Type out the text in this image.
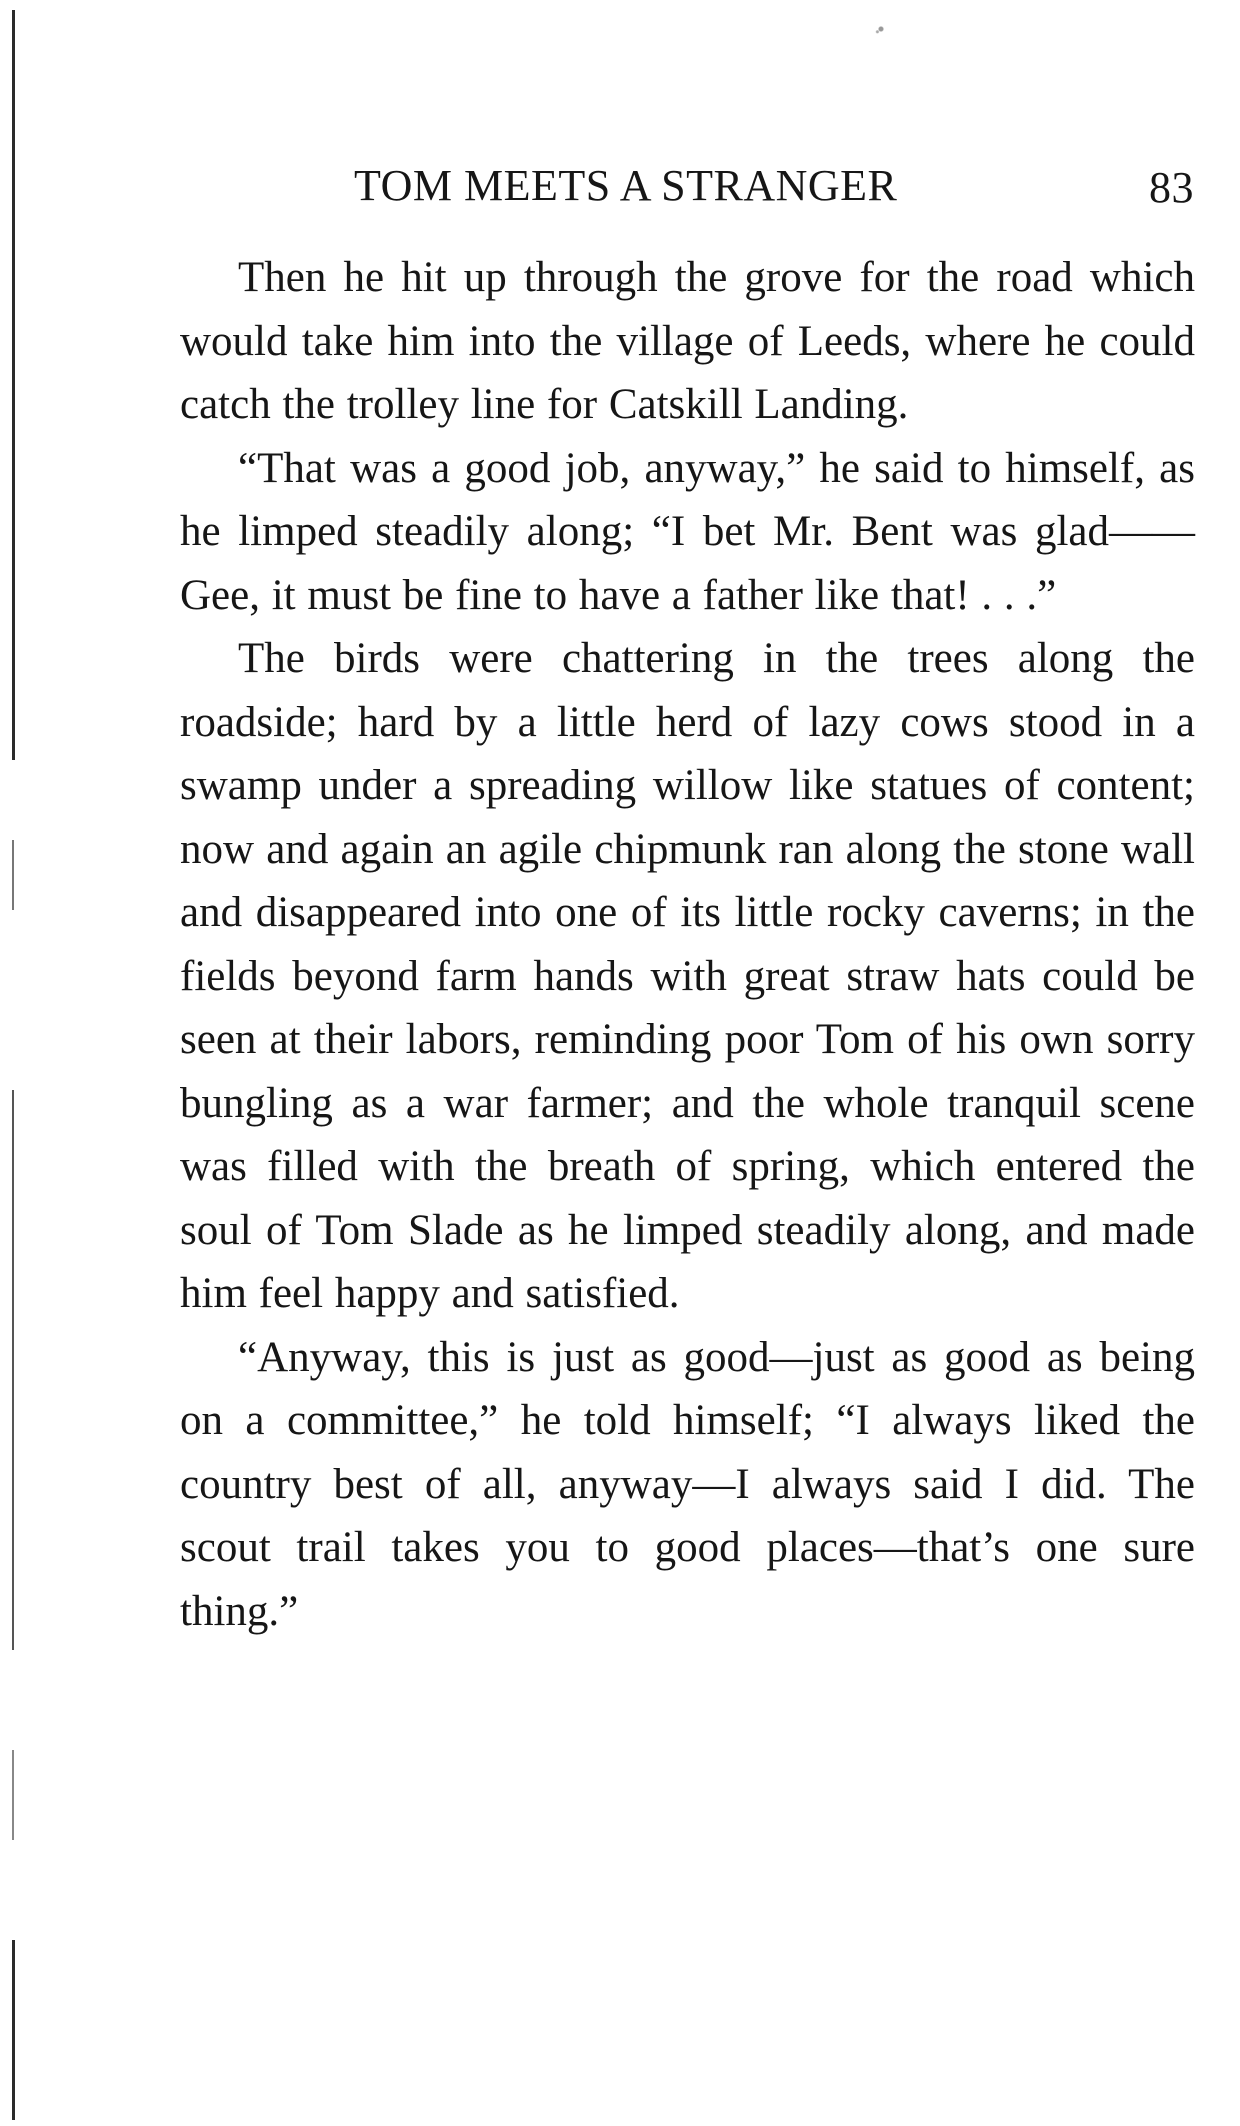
TOM MEETS A STRANGER	83

Then he hit up through the grove for the road which would take him into the village of Leeds, where he could catch the trolley line for Catskill Landing.

“That was a good job, anyway,” he said to himself, as he limped steadily along; “I bet Mr. Bent was glad—— Gee, it must be fine to have a father like that! . . .”

The birds were chattering in the trees along the roadside; hard by a little herd of lazy cows stood in a swamp under a spreading willow like statues of content; now and again an agile chipmunk ran along the stone wall and disappeared into one of its little rocky caverns; in the fields beyond farm hands with great straw hats could be seen at their labors, reminding poor Tom of his own sorry bungling as a war farmer; and the whole tranquil scene was filled with the breath of spring, which entered the soul of Tom Slade as he limped steadily along, and made him feel happy and satisfied.

“Anyway, this is just as good—just as good as being on a committee,” he told himself; “I always liked the country best of all, anyway—I always said I did. The scout trail takes you to good places—that’s one sure thing.”
